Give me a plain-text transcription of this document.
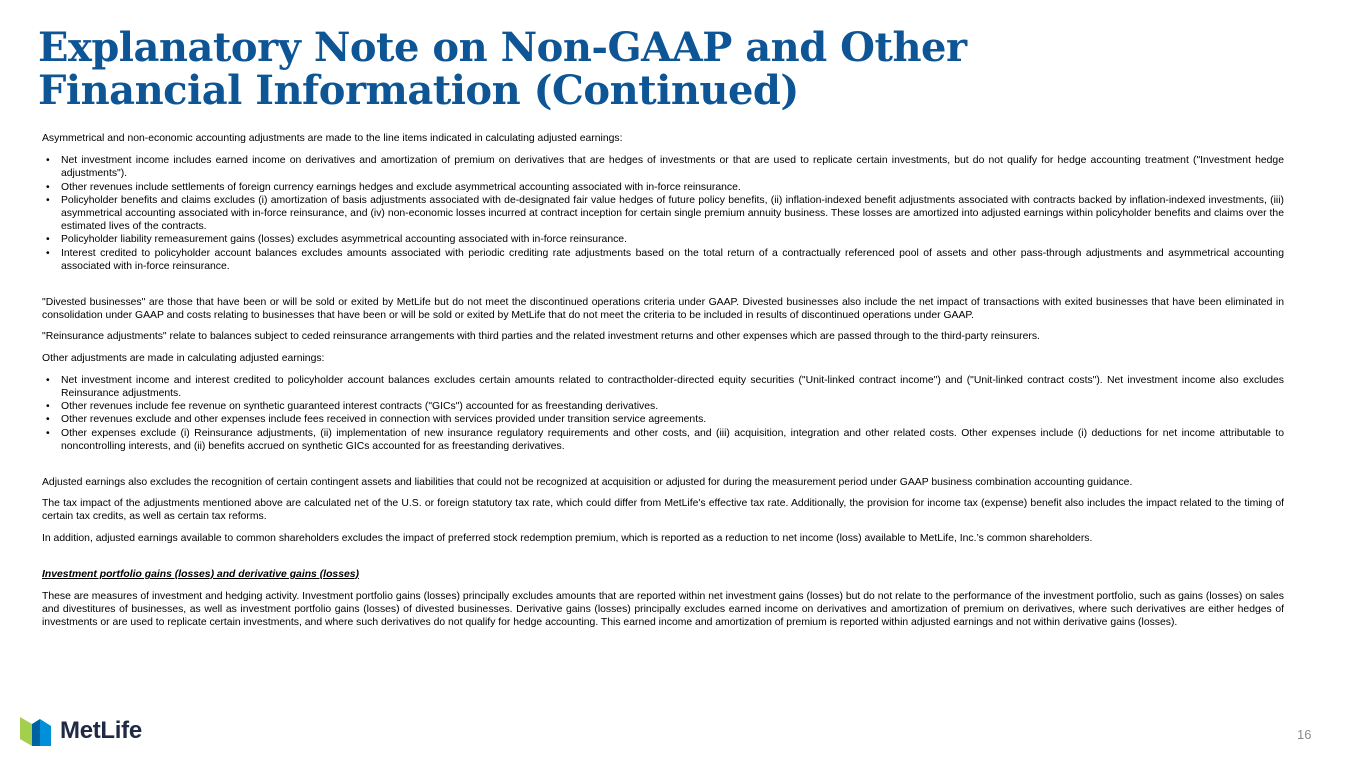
Explanatory Note on Non-GAAP and Other Financial Information (Continued)

Asymmetrical and non-economic accounting adjustments are made to the line items indicated in calculating adjusted earnings:

• Net investment income includes earned income on derivatives and amortization of premium on derivatives that are hedges of investments or that are used to replicate certain investments, but do not qualify for hedge accounting treatment ("Investment hedge adjustments").
• Other revenues include settlements of foreign currency earnings hedges and exclude asymmetrical accounting associated with in-force reinsurance.
• Policyholder benefits and claims excludes (i) amortization of basis adjustments associated with de-designated fair value hedges of future policy benefits, (ii) inflation-indexed benefit adjustments associated with contracts backed by inflation-indexed investments, (iii) asymmetrical accounting associated with in-force reinsurance, and (iv) non-economic losses incurred at contract inception for certain single premium annuity business. These losses are amortized into adjusted earnings within policyholder benefits and claims over the estimated lives of the contracts.
• Policyholder liability remeasurement gains (losses) excludes asymmetrical accounting associated with in-force reinsurance.
• Interest credited to policyholder account balances excludes amounts associated with periodic crediting rate adjustments based on the total return of a contractually referenced pool of assets and other pass-through adjustments and asymmetrical accounting associated with in-force reinsurance.

"Divested businesses" are those that have been or will be sold or exited by MetLife but do not meet the discontinued operations criteria under GAAP. Divested businesses also include the net impact of transactions with exited businesses that have been eliminated in consolidation under GAAP and costs relating to businesses that have been or will be sold or exited by MetLife that do not meet the criteria to be included in results of discontinued operations under GAAP.

"Reinsurance adjustments" relate to balances subject to ceded reinsurance arrangements with third parties and the related investment returns and other expenses which are passed through to the third-party reinsurers.

Other adjustments are made in calculating adjusted earnings:

• Net investment income and interest credited to policyholder account balances excludes certain amounts related to contractholder-directed equity securities ("Unit-linked contract income") and ("Unit-linked contract costs"). Net investment income also excludes Reinsurance adjustments.
• Other revenues include fee revenue on synthetic guaranteed interest contracts ("GICs") accounted for as freestanding derivatives.
• Other revenues exclude and other expenses include fees received in connection with services provided under transition service agreements.
• Other expenses exclude (i) Reinsurance adjustments, (ii) implementation of new insurance regulatory requirements and other costs, and (iii) acquisition, integration and other related costs. Other expenses include (i) deductions for net income attributable to noncontrolling interests, and (ii) benefits accrued on synthetic GICs accounted for as freestanding derivatives.

Adjusted earnings also excludes the recognition of certain contingent assets and liabilities that could not be recognized at acquisition or adjusted for during the measurement period under GAAP business combination accounting guidance.

The tax impact of the adjustments mentioned above are calculated net of the U.S. or foreign statutory tax rate, which could differ from MetLife's effective tax rate. Additionally, the provision for income tax (expense) benefit also includes the impact related to the timing of certain tax credits, as well as certain tax reforms.

In addition, adjusted earnings available to common shareholders excludes the impact of preferred stock redemption premium, which is reported as a reduction to net income (loss) available to MetLife, Inc.’s common shareholders.

Investment portfolio gains (losses) and derivative gains (losses)

These are measures of investment and hedging activity. Investment portfolio gains (losses) principally excludes amounts that are reported within net investment gains (losses) but do not relate to the performance of the investment portfolio, such as gains (losses) on sales and divestitures of businesses, as well as investment portfolio gains (losses) of divested businesses. Derivative gains (losses) principally excludes earned income on derivatives and amortization of premium on derivatives, where such derivatives are either hedges of investments or are used to replicate certain investments, and where such derivatives do not qualify for hedge accounting. This earned income and amortization of premium is reported within adjusted earnings and not within derivative gains (losses).

MetLife	16
